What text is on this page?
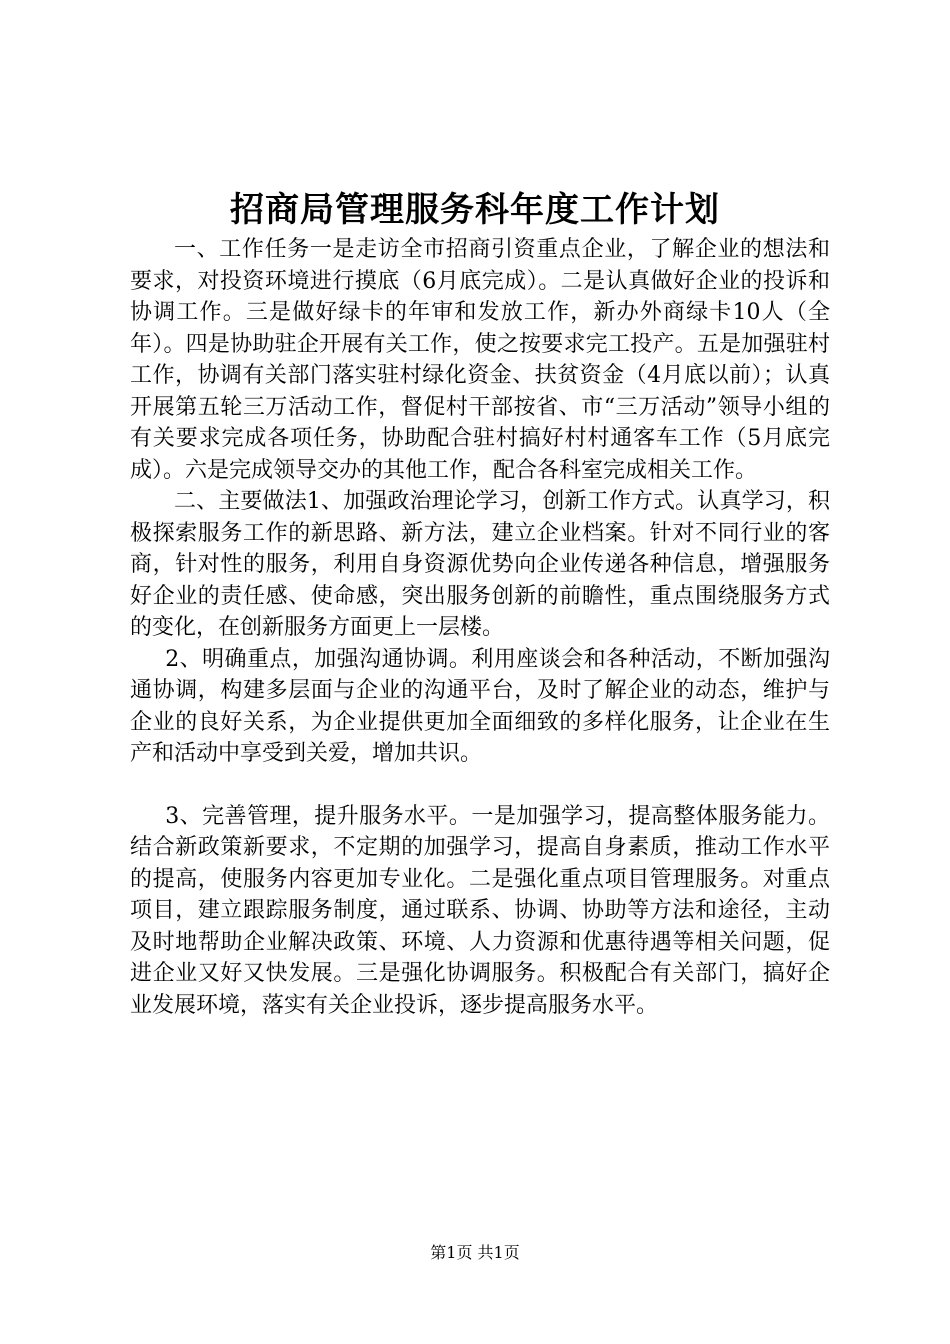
招商局管理服务科年度工作计划

一、工作任务一是走访全市招商引资重点企业，了解企业的想法和要求，对投资环境进行摸底（6月底完成）。二是认真做好企业的投诉和协调工作。三是做好绿卡的年审和发放工作，新办外商绿卡10人（全年）。四是协助驻企开展有关工作，使之按要求完工投产。五是加强驻村工作，协调有关部门落实驻村绿化资金、扶贫资金（4月底以前）；认真开展第五轮三万活动工作，督促村干部按省、市“三万活动”领导小组的有关要求完成各项任务，协助配合驻村搞好村村通客车工作（5月底完成）。六是完成领导交办的其他工作，配合各科室完成相关工作。

二、主要做法1、加强政治理论学习，创新工作方式。认真学习，积极探索服务工作的新思路、新方法，建立企业档案。针对不同行业的客商，针对性的服务，利用自身资源优势向企业传递各种信息，增强服务好企业的责任感、使命感，突出服务创新的前瞻性，重点围绕服务方式的变化，在创新服务方面更上一层楼。

2、明确重点，加强沟通协调。利用座谈会和各种活动，不断加强沟通协调，构建多层面与企业的沟通平台，及时了解企业的动态，维护与企业的良好关系，为企业提供更加全面细致的多样化服务，让企业在生产和活动中享受到关爱，增加共识。

3、完善管理，提升服务水平。一是加强学习，提高整体服务能力。结合新政策新要求，不定期的加强学习，提高自身素质，推动工作水平的提高，使服务内容更加专业化。二是强化重点项目管理服务。对重点项目，建立跟踪服务制度，通过联系、协调、协助等方法和途径，主动及时地帮助企业解决政策、环境、人力资源和优惠待遇等相关问题，促进企业又好又快发展。三是强化协调服务。积极配合有关部门，搞好企业发展环境，落实有关企业投诉，逐步提高服务水平。

第1页 共1页
